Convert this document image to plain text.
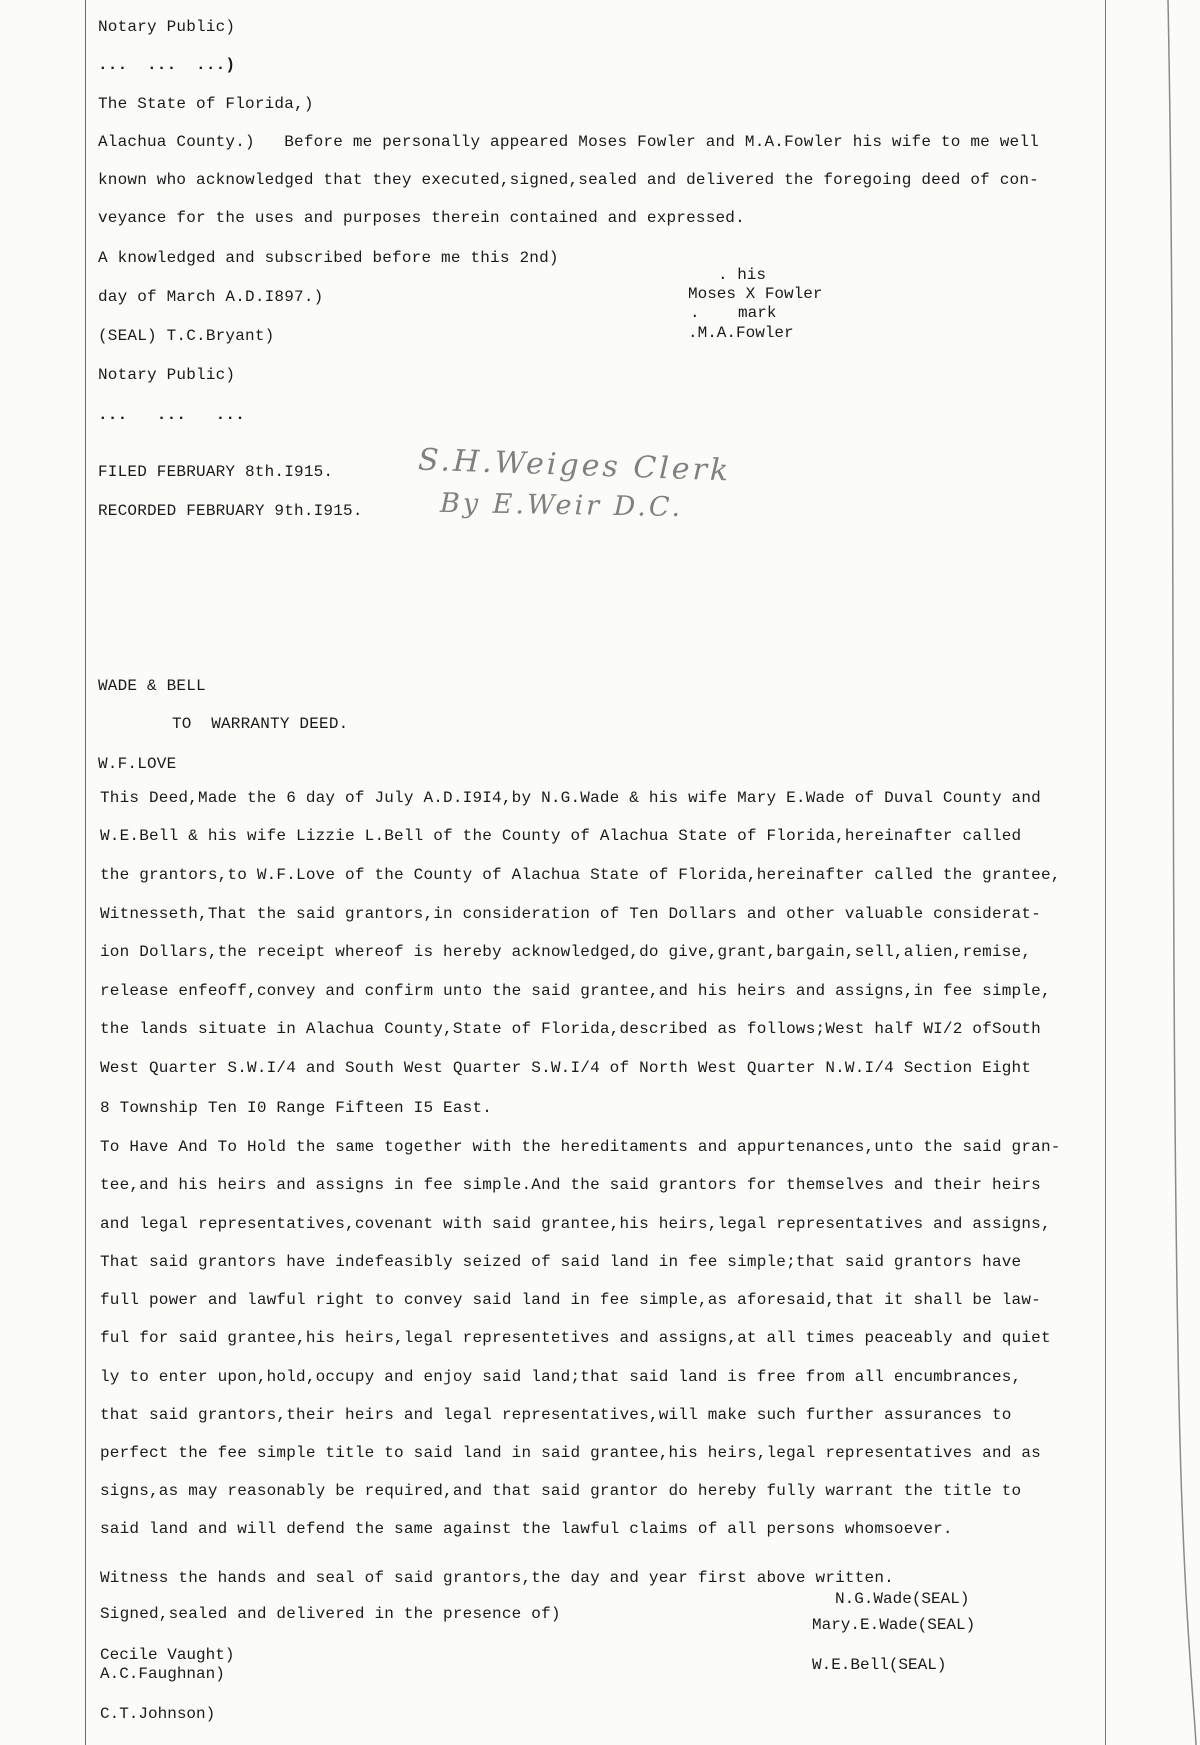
Notary Public)
...  ...  ...)
The State of Florida,)
Alachua County.)   Before me personally appeared Moses Fowler and M.A.Fowler his wife to me well
known who acknowledged that they executed,signed,sealed and delivered the foregoing deed of con-
veyance for the uses and purposes therein contained and expressed.
A knowledged and subscribed before me this 2nd)
day of March A.D.I897.)
(SEAL) T.C.Bryant)
Notary Public)
...   ...   ...
. his
Moses X Fowler
.    mark
.M.A.Fowler
FILED FEBRUARY 8th.I915.
RECORDED FEBRUARY 9th.I915.
S.H.Weiges Clerk
By E.Weir D.C.
WADE & BELL
TO  WARRANTY DEED.
W.F.LOVE
This Deed,Made the 6 day of July A.D.I9I4,by N.G.Wade & his wife Mary E.Wade of Duval County and
W.E.Bell & his wife Lizzie L.Bell of the County of Alachua State of Florida,hereinafter called
the grantors,to W.F.Love of the County of Alachua State of Florida,hereinafter called the grantee,
Witnesseth,That the said grantors,in consideration of Ten Dollars and other valuable considerat-
ion Dollars,the receipt whereof is hereby acknowledged,do give,grant,bargain,sell,alien,remise,
release enfeoff,convey and confirm unto the said grantee,and his heirs and assigns,in fee simple,
the lands situate in Alachua County,State of Florida,described as follows;West half WI/2 ofSouth
West Quarter S.W.I/4 and South West Quarter S.W.I/4 of North West Quarter N.W.I/4 Section Eight
8 Township Ten I0 Range Fifteen I5 East.
To Have And To Hold the same together with the hereditaments and appurtenances,unto the said gran-
tee,and his heirs and assigns in fee simple.And the said grantors for themselves and their heirs
and legal representatives,covenant with said grantee,his heirs,legal representatives and assigns,
That said grantors have indefeasibly seized of said land in fee simple;that said grantors have
full power and lawful right to convey said land in fee simple,as aforesaid,that it shall be law-
ful for said grantee,his heirs,legal representetives and assigns,at all times peaceably and quiet
ly to enter upon,hold,occupy and enjoy said land;that said land is free from all encumbrances,
that said grantors,their heirs and legal representatives,will make such further assurances to
perfect the fee simple title to said land in said grantee,his heirs,legal representatives and as
signs,as may reasonably be required,and that said grantor do hereby fully warrant the title to
said land and will defend the same against the lawful claims of all persons whomsoever.
Witness the hands and seal of said grantors,the day and year first above written.
Signed,sealed and delivered in the presence of)
Cecile Vaught)
A.C.Faughnan)
C.T.Johnson)
N.G.Wade(SEAL)
Mary.E.Wade(SEAL)
W.E.Bell(SEAL)
